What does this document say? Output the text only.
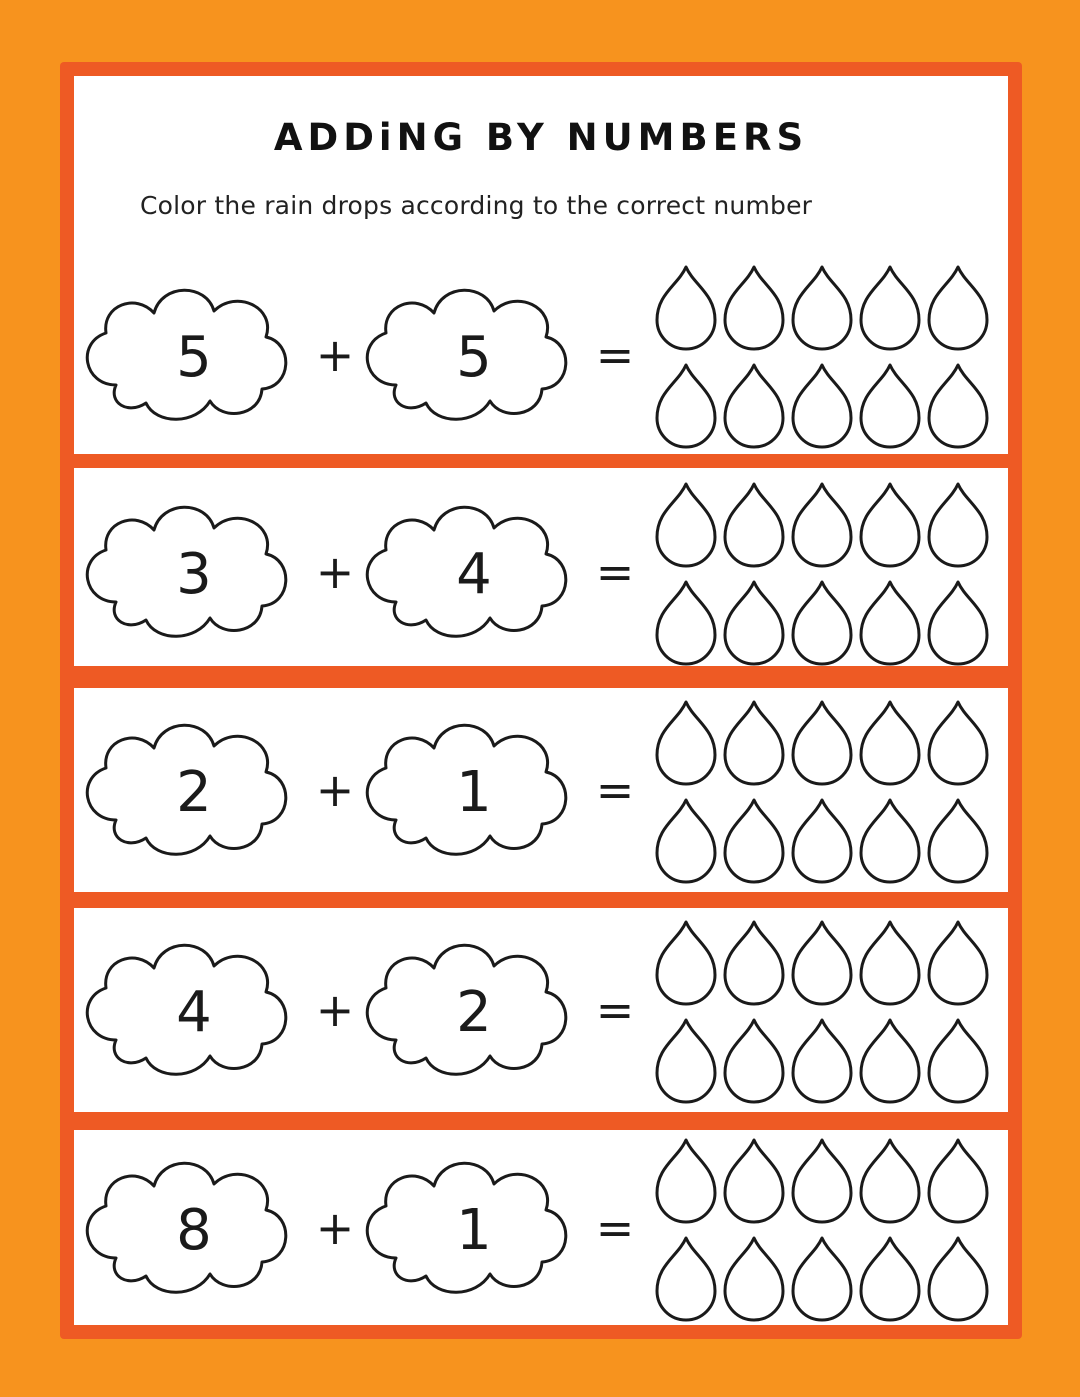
ADDiNG BY NUMBERS
Color the rain drops according to the correct number
5 + 5 =
3 + 4 =
2 + 1 =
4 + 2 =
8 + 1 =
